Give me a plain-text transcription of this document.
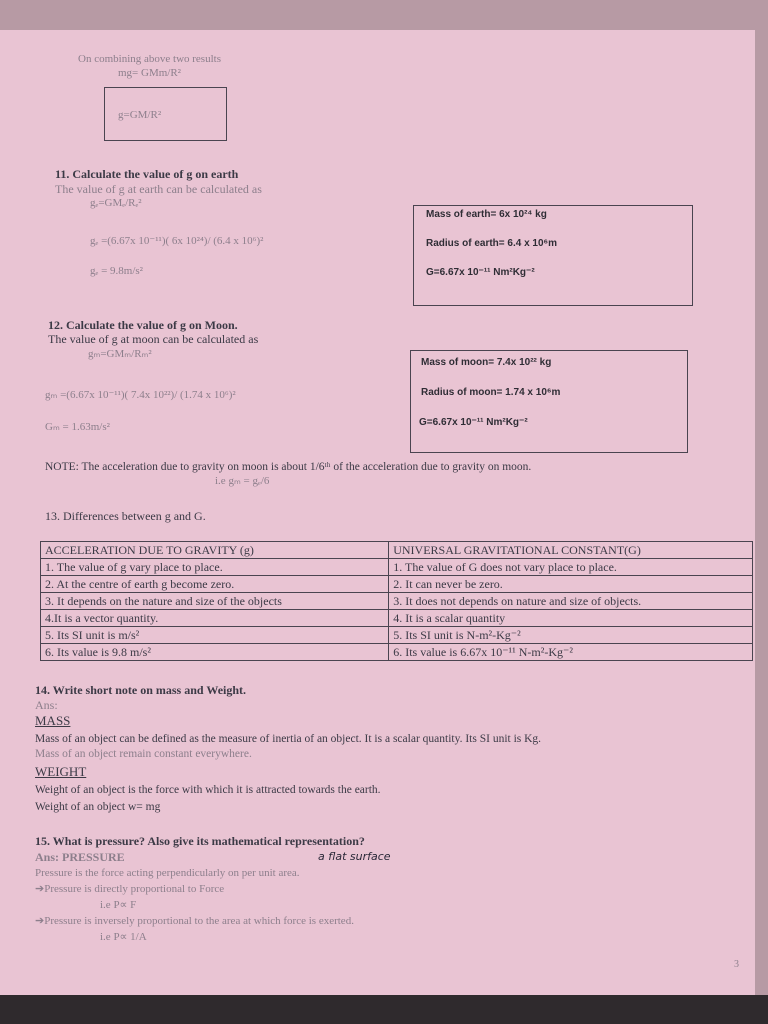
On combining above two results
mg= GMm/R²
g=GM/R²
11. Calculate the value of g on earth
The value of g at earth can be calculated as
gₑ=GMₑ/Rₑ²
gₑ =(6.67x 10⁻¹¹)( 6x 10²⁴)/ (6.4 x 10⁶)²
gₑ = 9.8m/s²
Mass of earth= 6x 10²⁴ kg
Radius of earth= 6.4 x 10⁶m
G=6.67x 10⁻¹¹ Nm²Kg⁻²
12. Calculate the value of g on Moon.
The value of g at moon can be calculated as
gₘ=GMₘ/Rₘ²
gₘ =(6.67x 10⁻¹¹)( 7.4x 10²²)/ (1.74 x 10⁶)²
Gₘ = 1.63m/s²
Mass of moon= 7.4x 10²² kg
Radius of moon= 1.74 x 10⁶m
G=6.67x 10⁻¹¹ Nm²Kg⁻²
NOTE: The acceleration due to gravity on moon is about 1/6ᵗʰ of the acceleration due to gravity on moon.
i.e gₘ = gₑ/6
13. Differences between g and G.
ACCELERATION DUE TO GRAVITY (g)	UNIVERSAL GRAVITATIONAL CONSTANT(G)
1. The value of g vary place to place.	1. The value of G does not vary place to place.
2. At the centre of earth g become zero.	2. It can never be zero.
3. It depends on the nature and size of the objects	3. It does not depends on nature and size of objects.
4.It is a vector quantity.	4. It is a scalar quantity
5. Its SI unit is m/s²	5. Its SI unit is N-m²-Kg⁻²
6. Its value is 9.8 m/s²	6. Its value is 6.67x 10⁻¹¹ N-m²-Kg⁻²
14. Write short note on mass and Weight.
Ans:
MASS
Mass of an object can be defined as the measure of inertia of an object. It is a scalar quantity. Its SI unit is Kg.
Mass of an object remain constant everywhere.
WEIGHT
Weight of an object is the force with which it is attracted towards the earth.
Weight of an object w= mg
15. What is pressure? Also give its mathematical representation?
a flat surface
Ans: PRESSURE
Pressure is the force acting perpendicularly on per unit area.
➔Pressure is directly proportional to Force
i.e P∝ F
➔Pressure is inversely proportional to the area at which force is exerted.
i.e P∝ 1/A
3
